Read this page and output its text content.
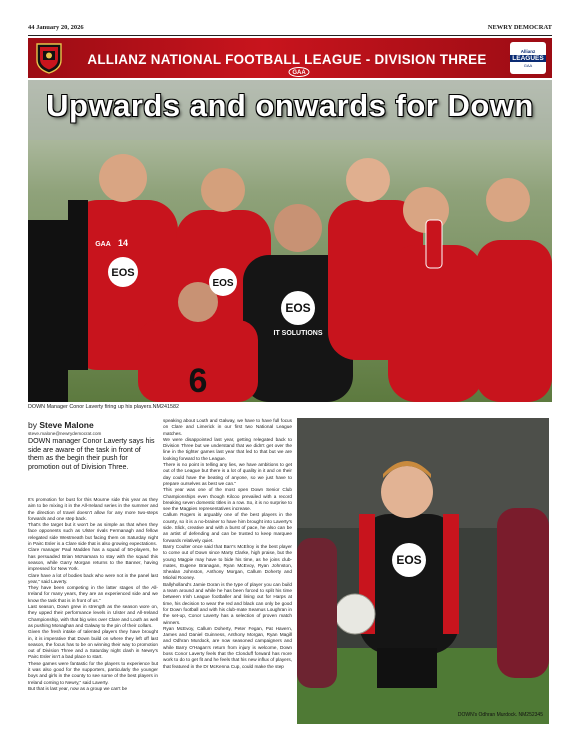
44 January 20, 2026	NEWRY DEMOCRAT
ALLIANZ NATIONAL FOOTBALL LEAGUE - DIVISION THREE
GAA
Allianz
LEAGUES
GAA
EOS
EOS
EOS
IT SOLUTIONS
14
6
GAA
Upwards and onwards for Down
DOWN Manager Conor Laverty firing up his players.NM241582
by Steve Malone
steve.malone@newrydemocrat.com
DOWN manager Conor Laverty says his side are aware of the task in front of them as the begin their push for promotion out of Division Three.

It's promotion for bust for this Mourne side this year as they aim to be mixing it in the All-Ireland series in the summer and the direction of travel doesn't allow for any more two-steps forwards and one step back.

That's the target but it won't be as simple as that when they face opponents such as Ulster rivals Fermanagh and fellow relegated side Westmeath but facing them on Saturday night in Pairc Esler is a Clare side that is also growing expectations.

Clare manager Paul Madden has a squad of 50-players, he has persuaded Brian McNamara to stay with the squad this season, while Garry Morgan returns to the Banner, having impressed for New York.

Clare have a lot of bodies back who were not in the panel last year," said Laverty.

They have been competing in the latter stages of the All-Ireland for many years, they are an experienced side and we know the task that is in front of us."

Last season, Down grew in strength as the season wore on, they upped their performance levels in Ulster and All-Ireland Championship, with that big wins over Clare and Louth as well as pushing Monaghan and Galway to the pin of their collars.

Given the fresh intake of talented players they have brought in, it is imperative that Down build on where they left off last season, the focus has to be on winning their way to promotion out of Division Three and a Saturday night clash in Newry's Pairc Esler isn't a bad place to start.

These games were fantastic for the players to experience but it was also good for the supporters, particularly the younger boys and girls in the county to see some of the best players in Ireland coming to Newry," said Laverty.

But that is last year, now as a group we can't be

speaking about Louth and Galway, we have to have full focus on Clare and Limerick in our first two National League matches.

We were disappointed last year, getting relegated back to Division Three but we understand that we didn't get over the line in the tighter games last year that led to that but we are looking forward to the League.

There is no point in telling any lies, we have ambitions to get out of the League but there is a lot of quality in it and on their day could have the beating of anyone, so we just have to prepare ourselves as best we can."

This year was one of the most open Down Senior Club Championships even though Kilcoo prevailed with a record breaking seven domestic titles in a row. So, it is no surprise to see the Magpies representatives increase.

Callum Rogers is arguably one of the best players in the county, so it is a no-brainer to have him brought into Laverty's side. Slick, creative and with a burst of pace, he also can be an artist of defending and can be trusted to keep marquee forwards relatively quiet.

Barry Coulter once said that Barr's McElroy is the best player to come out of Down since Marty Clarke, high praise, but the young Magpie may have to bide his time, as he joins club-mates, Eugene Branagan, Ryan McEvoy, Ryan Johnston, Shealan Johnston, Anthony Morgan, Callum Doherty and Micéal Rooney.

Ballyholland's Jamie Doran is the type of player you can build a team around and while he has been forced to split his time between Irish League footballer and lining out for Harps at time, his decision to wear the red and black can only be good for Down football and with his club-mate Seamus Loughran in the set-up, Conor Laverty has a selection of proven match winners.

Ryan McEvoy, Callum Doherty, Peter Fegan, Pat Havern, James and Daniel Guinness, Anthony Morgan, Ryan Magill and Odhran Murdock, are now seasoned campaigners and while Barry O'Hagan's return from injury is welcome, Down boss Conor Laverty feels that the Clonduff forward has more work to do to get fit and he feels that his new influx of players, that featured in the Dr McKenna Cup, could make the step

EOS
DOWN's Odhran Murdock. NM252345
